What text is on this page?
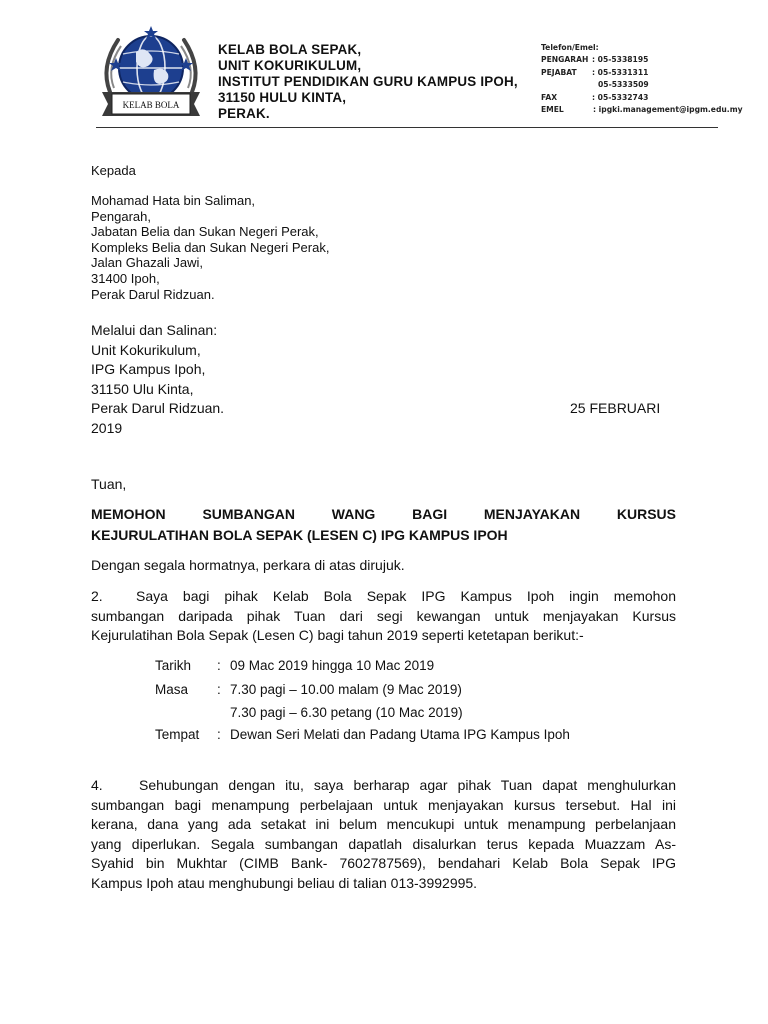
KELAB BOLA
KELAB BOLA SEPAK,
UNIT KOKURIKULUM,
INSTITUT PENDIDIKAN GURU KAMPUS IPOH,
31150 HULU KINTA,
PERAK.
Telefon/Emel:
PENGARAH : 05-5338195
PEJABAT : 05-5331311
05-5333509
FAX	: 05-5332743
EMEL	: ipgki.management@ipgm.edu.my
Kepada
Mohamad Hata bin Saliman,
Pengarah,
Jabatan Belia dan Sukan Negeri Perak,
Kompleks Belia dan Sukan Negeri Perak,
Jalan Ghazali Jawi,
31400 Ipoh,
Perak Darul Ridzuan.
Melalui dan Salinan:
Unit Kokurikulum,
IPG Kampus Ipoh,
31150 Ulu Kinta,
Perak Darul Ridzuan.
2019
25 FEBRUARI
Tuan,
MEMOHON SUMBANGAN WANG BAGI MENJAYAKAN KURSUS
KEJURULATIHAN BOLA SEPAK (LESEN C) IPG KAMPUS IPOH
Dengan segala hormatnya, perkara di atas dirujuk.
2.	Saya bagi pihak Kelab Bola Sepak IPG Kampus Ipoh ingin memohon
sumbangan daripada pihak Tuan dari segi kewangan untuk menjayakan Kursus
Kejurulatihan Bola Sepak (Lesen C) bagi tahun 2019 seperti ketetapan berikut:-
Tarikh : 09 Mac 2019 hingga 10 Mac 2019
Masa : 7.30 pagi – 10.00 malam (9 Mac 2019)
7.30 pagi – 6.30 petang (10 Mac 2019)
Tempat : Dewan Seri Melati dan Padang Utama IPG Kampus Ipoh
4.	Sehubungan dengan itu, saya berharap agar pihak Tuan dapat menghulurkan
sumbangan bagi menampung perbelajaan untuk menjayakan kursus tersebut. Hal ini
kerana, dana yang ada setakat ini belum mencukupi untuk menampung perbelanjaan
yang diperlukan. Segala sumbangan dapatlah disalurkan terus kepada Muazzam As-
Syahid bin Mukhtar (CIMB Bank- 7602787569), bendahari Kelab Bola Sepak IPG
Kampus Ipoh atau menghubungi beliau di talian 013-3992995.
